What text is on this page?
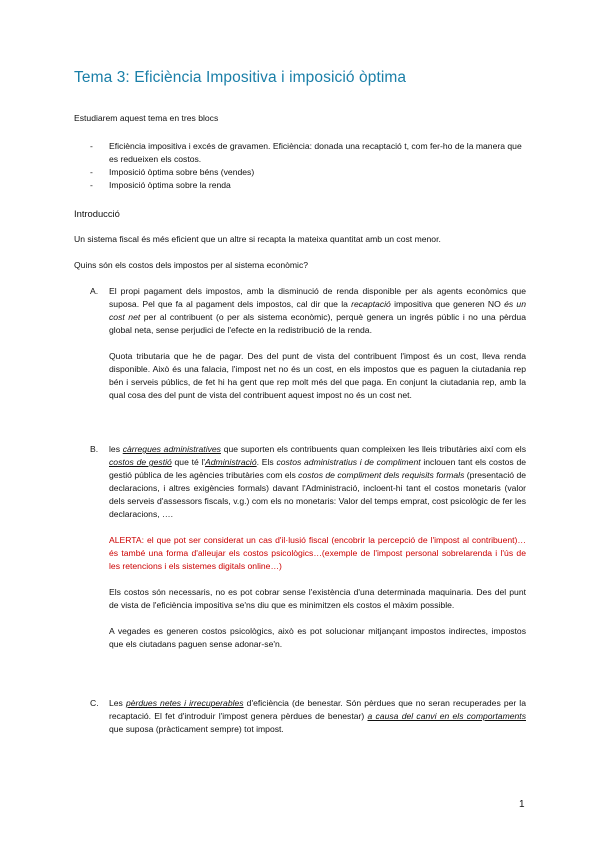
Tema 3: Eficiència Impositiva i imposició òptima

Estudiarem aquest tema en tres blocs

- Eficiència impositiva i excés de gravamen. Eficiència: donada una recaptació t, com fer-ho de la manera que es redueixen els costos.
- Imposició òptima sobre béns (vendes)
- Imposició òptima sobre la renda

Introducció

Un sistema fiscal és més eficient que un altre si recapta la mateixa quantitat amb un cost menor.

Quins són els costos dels impostos per al sistema econòmic?

A. El propi pagament dels impostos, amb la disminució de renda disponible per als agents econòmics que suposa. Pel que fa al pagament dels impostos, cal dir que la recaptació impositiva que generen NO és un cost net per al contribuent (o per als sistema econòmic), perquè genera un ingrés públic i no una pèrdua global neta, sense perjudici de l'efecte en la redistribució de la renda.

Quota tributaria que he de pagar. Des del punt de vista del contribuent l'impost és un cost, lleva renda disponible. Això és una falacia, l'impost net no és un cost, en els impostos que es paguen la ciutadania rep bén i serveis públics, de fet hi ha gent que rep molt més del que paga. En conjunt la ciutadania rep, amb la qual cosa des del punt de vista del contribuent aquest impost no és un cost net.

B. les càrregues administratives que suporten els contribuents quan compleixen les lleis tributàries així com els costos de gestió que té l'Administració. Els costos administratius i de compliment inclouen tant els costos de gestió pública de les agències tributàries com els costos de compliment dels requisits formals (presentació de declaracions, i altres exigències formals) davant l'Administració, incloent-hi tant el costos monetaris (valor dels serveis d'assessors fiscals, v.g.) com els no monetaris: Valor del temps emprat, cost psicològic de fer les declaracions, ….

ALERTA: el que pot ser considerat un cas d'il·lusió fiscal (encobrir la percepció de l'impost al contribuent)…és també una forma d'alleujar els costos psicològics…(exemple de l'impost personal sobrelarenda i l'ús de les retencions i els sistemes digitals online…)

Els costos són necessaris, no es pot cobrar sense l'existència d'una determinada maquinaria. Des del punt de vista de l'eficiència impositiva se'ns diu que es minimitzen els costos el màxim possible.

A vegades es generen costos psicològics, això es pot solucionar mitjançant impostos indirectes, impostos que els ciutadans paguen sense adonar-se'n.

C. Les pèrdues netes i irrecuperables d'eficiència (de benestar. Són pèrdues que no seran recuperades per la recaptació. El fet d'introduir l'impost genera pèrdues de benestar) a causa del canvi en els comportaments que suposa (pràcticament sempre) tot impost.

1
